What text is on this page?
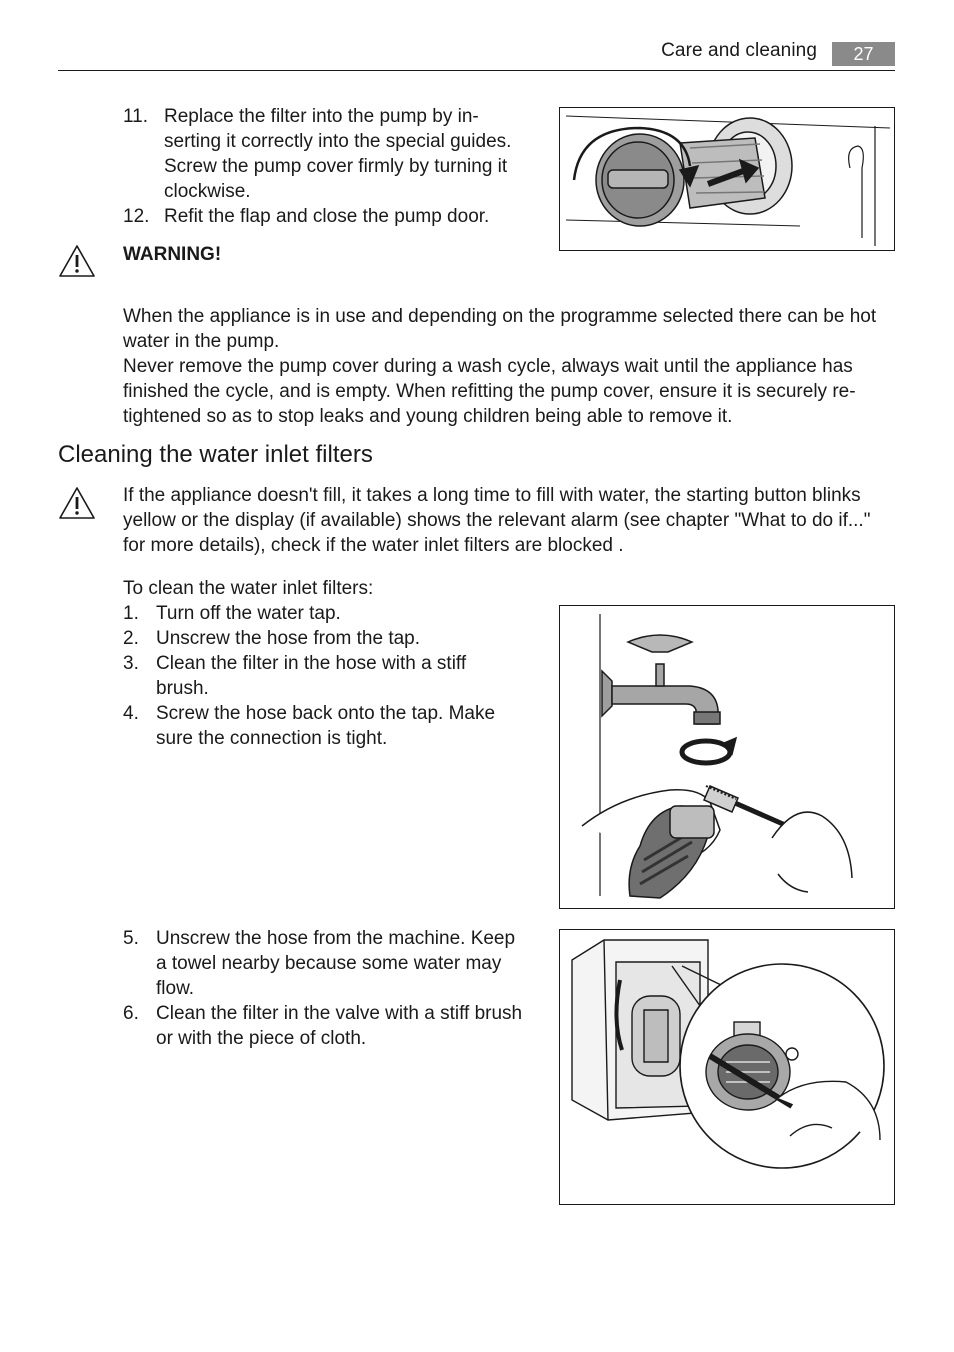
Care and cleaning	27
11. Replace the filter into the pump by in-serting it correctly into the special guides. Screw the pump cover firmly by turning it clockwise.
12. Refit the flap and close the pump door.
WARNING!

When the appliance is in use and depending on the programme selected there can be hot water in the pump.

Never remove the pump cover during a wash cycle, always wait until the appliance has finished the cycle, and is empty. When refitting the pump cover, ensure it is securely re-tightened so as to stop leaks and young children being able to remove it.

Cleaning the water inlet filters

If the appliance doesn't fill, it takes a long time to fill with water, the starting button blinks yellow or the display (if available) shows the relevant alarm (see chapter "What to do if..." for more details), check if the water inlet filters are blocked .

To clean the water inlet filters:

1. Turn off the water tap.
2. Unscrew the hose from the tap.
3. Clean the filter in the hose with a stiff brush.
4. Screw the hose back onto the tap. Make sure the connection is tight.
5. Unscrew the hose from the machine. Keep a towel nearby because some water may flow.
6. Clean the filter in the valve with a stiff brush or with the piece of cloth.
